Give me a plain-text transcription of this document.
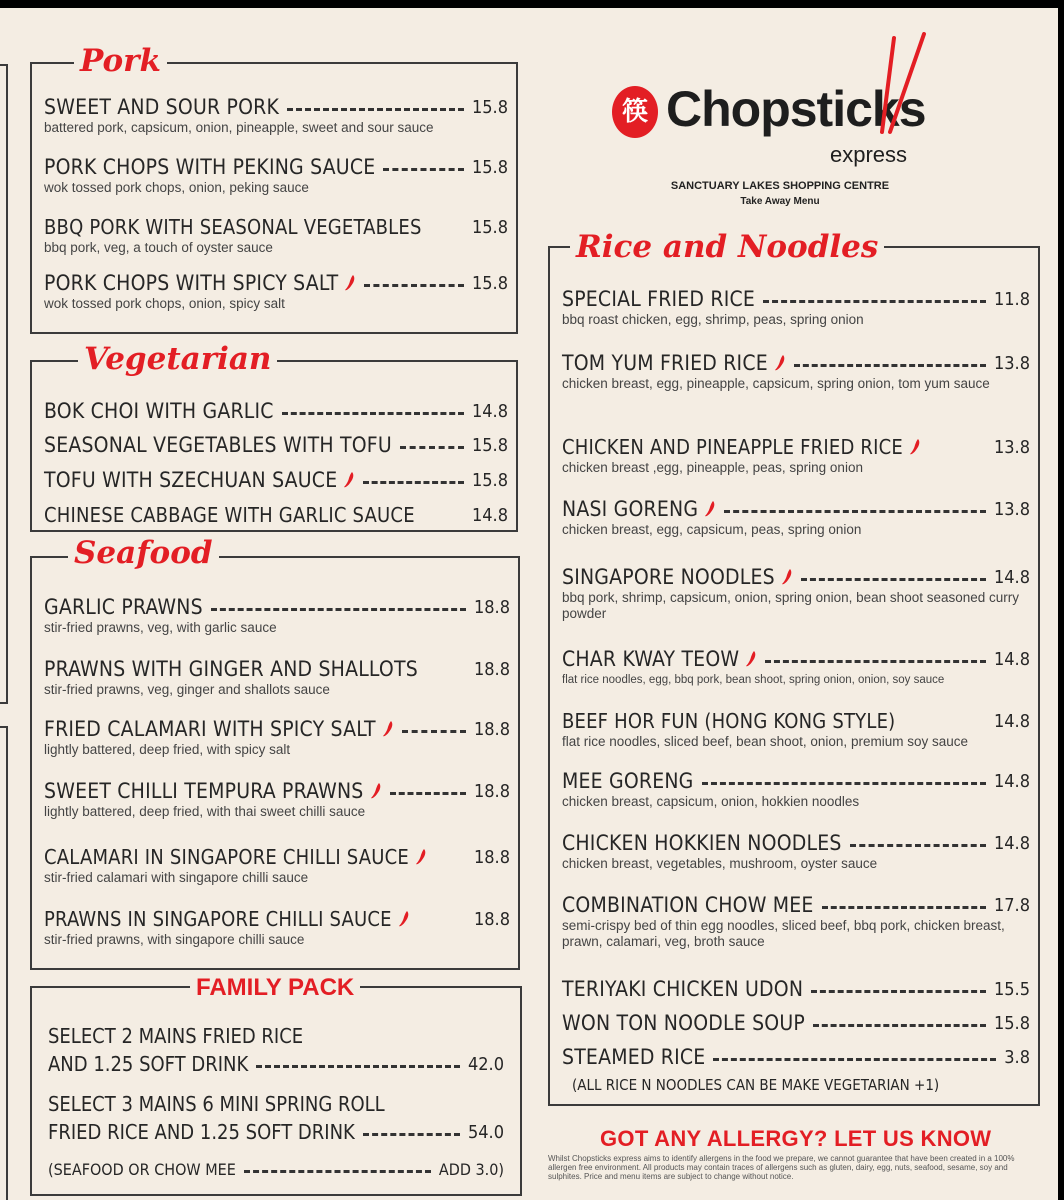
SWEET AND SOUR PORK	15.8
battered pork, capsicum, onion, pineapple, sweet and sour sauce
PORK CHOPS WITH PEKING SAUCE	15.8
wok tossed pork chops, onion, peking sauce
BBQ PORK WITH SEASONAL VEGETABLES	15.8
bbq pork, veg, a touch of oyster sauce
PORK CHOPS WITH SPICY SALT	15.8
wok tossed pork chops, onion, spicy salt
Pork
BOK CHOI WITH GARLIC	14.8
SEASONAL VEGETABLES WITH TOFU	15.8
TOFU WITH SZECHUAN SAUCE	15.8
CHINESE CABBAGE WITH GARLIC SAUCE	14.8
Vegetarian
GARLIC PRAWNS	18.8
stir-fried prawns, veg, with garlic sauce
PRAWNS WITH GINGER AND SHALLOTS	18.8
stir-fried prawns, veg, ginger and shallots sauce
FRIED CALAMARI WITH SPICY SALT	18.8
lightly battered, deep fried, with spicy salt
SWEET CHILLI TEMPURA PRAWNS	18.8
lightly battered, deep fried, with thai sweet chilli sauce
CALAMARI IN SINGAPORE CHILLI SAUCE	18.8
stir-fried calamari with singapore chilli sauce
PRAWNS IN SINGAPORE CHILLI SAUCE	18.8
stir-fried prawns, with singapore chilli sauce
Seafood
SELECT 2 MAINS FRIED RICE
AND 1.25 SOFT DRINK	42.0
SELECT 3 MAINS 6 MINI SPRING ROLL
FRIED RICE AND 1.25 SOFT DRINK	54.0
(SEAFOOD OR CHOW MEE	ADD 3.0)
FAMILY PACK
筷 Chopsticks
express
SANCTUARY LAKES SHOPPING CENTRE
Take Away Menu
SPECIAL FRIED RICE	11.8
bbq roast chicken, egg, shrimp, peas, spring onion
TOM YUM FRIED RICE	13.8
chicken breast, egg, pineapple, capsicum, spring onion, tom yum sauce
CHICKEN AND PINEAPPLE FRIED RICE	13.8
chicken breast ,egg, pineapple, peas, spring onion
NASI GORENG	13.8
chicken breast, egg, capsicum, peas, spring onion
SINGAPORE NOODLES	14.8
bbq pork, shrimp, capsicum, onion, spring onion, bean shoot seasoned curry powder
CHAR KWAY TEOW	14.8
flat rice noodles, egg, bbq pork, bean shoot, spring onion, onion, soy sauce
BEEF HOR FUN (HONG KONG STYLE)	14.8
flat rice noodles, sliced beef, bean shoot, onion, premium soy sauce
MEE GORENG	14.8
chicken breast, capsicum, onion, hokkien noodles
CHICKEN HOKKIEN NOODLES	14.8
chicken breast, vegetables, mushroom, oyster sauce
COMBINATION CHOW MEE	17.8
semi-crispy bed of thin egg noodles, sliced beef, bbq pork, chicken breast, prawn, calamari, veg, broth sauce
TERIYAKI CHICKEN UDON	15.5
WON TON NOODLE SOUP	15.8
STEAMED RICE	3.8
(ALL RICE N NOODLES CAN BE MAKE VEGETARIAN +1)
Rice and Noodles
GOT ANY ALLERGY? LET US KNOW
Whilst Chopsticks express aims to identify allergens in the food we prepare, we cannot guarantee that have been created in a 100% allergen free environment. All products may contain traces of allergens such as gluten, dairy, egg, nuts, seafood, sesame, soy and sulphites. Price and menu items are subject to change without notice.
